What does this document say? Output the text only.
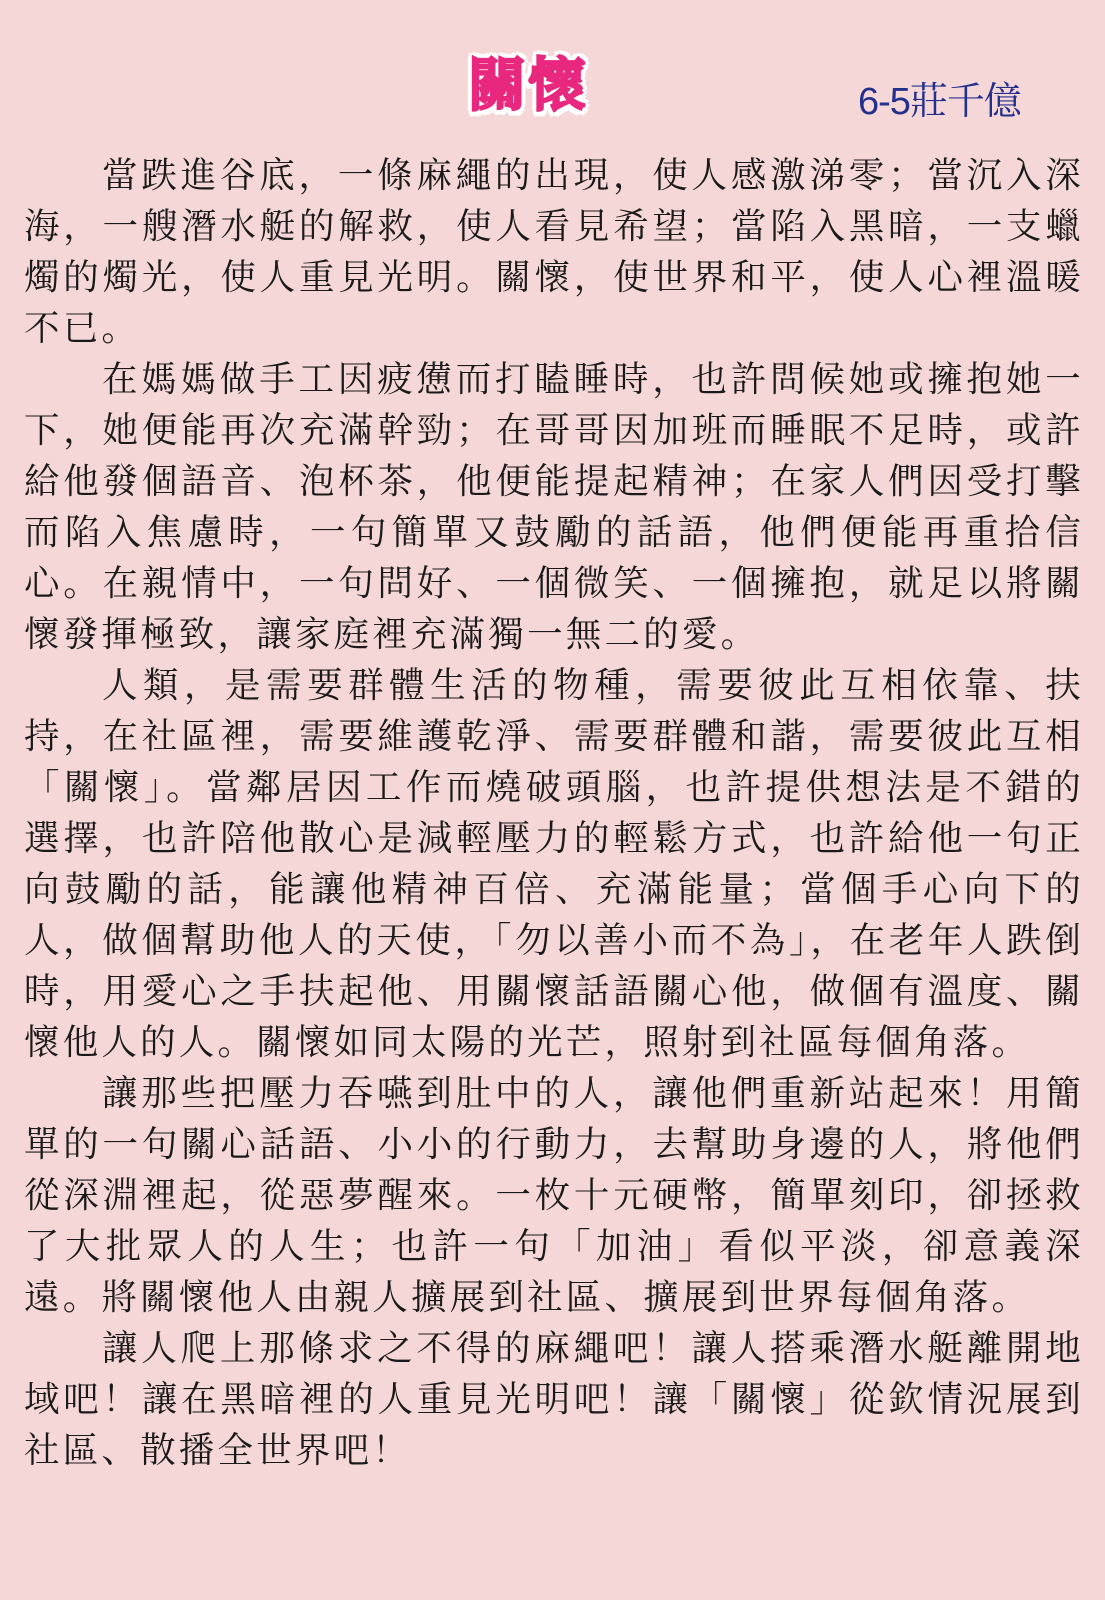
關懷	6-5莊千億

當跌進谷底，一條麻繩的出現，使人感激涕零；當沉入深海，一艘潛水艇的解救，使人看見希望；當陷入黑暗，一支蠟燭的燭光，使人重見光明。關懷，使世界和平，使人心裡溫暖不已。

在媽媽做手工因疲憊而打瞌睡時，也許問候她或擁抱她一下，她便能再次充滿幹勁；在哥哥因加班而睡眠不足時，或許給他發個語音、泡杯茶，他便能提起精神；在家人們因受打擊而陷入焦慮時，一句簡單又鼓勵的話語，他們便能再重拾信心。在親情中，一句問好、一個微笑、一個擁抱，就足以將關懷發揮極致，讓家庭裡充滿獨一無二的愛。

人類，是需要群體生活的物種，需要彼此互相依靠、扶持，在社區裡，需要維護乾淨、需要群體和諧，需要彼此互相「關懷」。當鄰居因工作而燒破頭腦，也許提供想法是不錯的選擇，也許陪他散心是減輕壓力的輕鬆方式，也許給他一句正向鼓勵的話，能讓他精神百倍、充滿能量；當個手心向下的人，做個幫助他人的天使，「勿以善小而不為」，在老年人跌倒時，用愛心之手扶起他、用關懷話語關心他，做個有溫度、關懷他人的人。關懷如同太陽的光芒，照射到社區每個角落。

讓那些把壓力吞嚥到肚中的人，讓他們重新站起來！用簡單的一句關心話語、小小的行動力，去幫助身邊的人，將他們從深淵裡起，從惡夢醒來。一枚十元硬幣，簡單刻印，卻拯救了大批眾人的人生；也許一句「加油」看似平淡，卻意義深遠。將關懷他人由親人擴展到社區、擴展到世界每個角落。

讓人爬上那條求之不得的麻繩吧！讓人搭乘潛水艇離開地域吧！讓在黑暗裡的人重見光明吧！讓「關懷」從欽情況展到 社區、散播全世界吧！
